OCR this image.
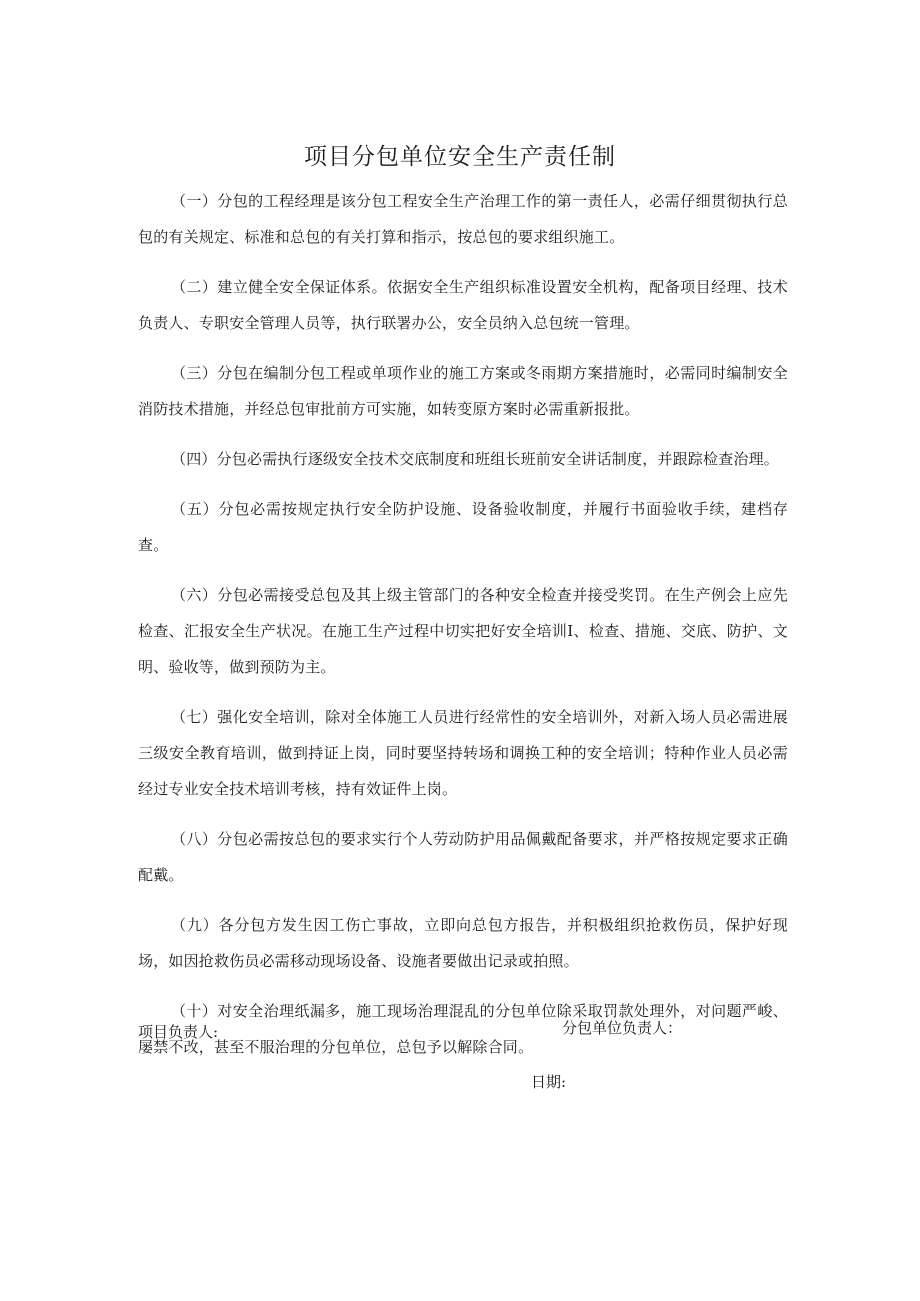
项目分包单位安全生产责任制

（一）分包的工程经理是该分包工程安全生产治理工作的第一责任人，必需仔细贯彻执行总包的有关规定、标准和总包的有关打算和指示，按总包的要求组织施工。

（二）建立健全安全保证体系。依据安全生产组织标准设置安全机构，配备项目经理、技术负责人、专职安全管理人员等，执行联署办公，安全员纳入总包统一管理。

（三）分包在编制分包工程或单项作业的施工方案或冬雨期方案措施时，必需同时编制安全消防技术措施，并经总包审批前方可实施，如转变原方案时必需重新报批。

（四）分包必需执行逐级安全技术交底制度和班组长班前安全讲话制度，并跟踪检查治理。

（五）分包必需按规定执行安全防护设施、设备验收制度，并履行书面验收手续，建档存查。

（六）分包必需接受总包及其上级主管部门的各种安全检查并接受奖罚。在生产例会上应先检查、汇报安全生产状况。在施工生产过程中切实把好安全培训Ⅰ、检查、措施、交底、防护、文明、验收等，做到预防为主。

（七）强化安全培训，除对全体施工人员进行经常性的安全培训外，对新入场人员必需进展三级安全教育培训，做到持证上岗，同时要坚持转场和调换工种的安全培训；特种作业人员必需经过专业安全技术培训考核，持有效证件上岗。

（八）分包必需按总包的要求实行个人劳动防护用品佩戴配备要求，并严格按规定要求正确配戴。

（九）各分包方发生因工伤亡事故，立即向总包方报告，并积极组织抢救伤员，保护好现场，如因抢救伤员必需移动现场设备、设施者要做出记录或拍照。

（十）对安全治理纸漏多，施工现场治理混乱的分包单位除采取罚款处理外，对问题严峻、屡禁不改，甚至不服治理的分包单位，总包予以解除合同。

项目负责人:	分包单位负责人：
日期:
